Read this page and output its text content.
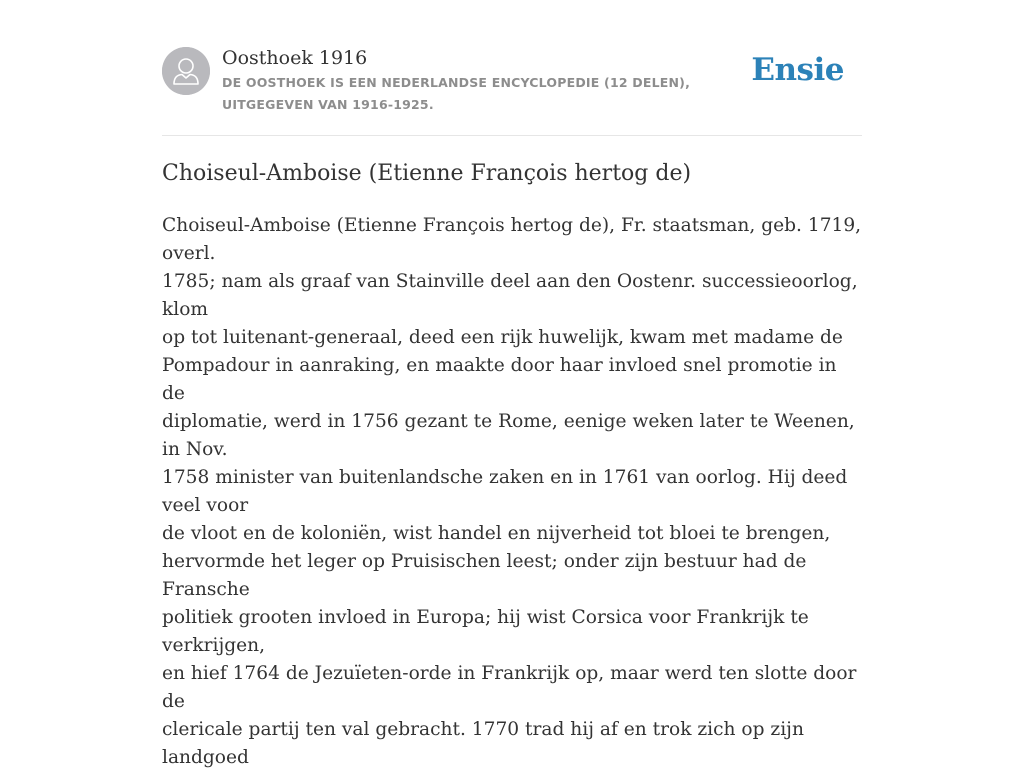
Oosthoek 1916
DE OOSTHOEK IS EEN NEDERLANDSE ENCYCLOPEDIE (12 DELEN), UITGEGEVEN VAN 1916-1925.
Ensie
Choiseul-Amboise (Etienne François hertog de)

Choiseul-Amboise (Etienne François hertog de), Fr. staatsman, geb. 1719, overl.
1785; nam als graaf van Stainville deel aan den Oostenr. successieoorlog, klom
op tot luitenant-generaal, deed een rijk huwelijk, kwam met madame de
Pompadour in aanraking, en maakte door haar invloed snel promotie in de
diplomatie, werd in 1756 gezant te Rome, eenige weken later te Weenen, in Nov.
1758 minister van buitenlandsche zaken en in 1761 van oorlog. Hij deed veel voor
de vloot en de koloniën, wist handel en nijverheid tot bloei te brengen,
hervormde het leger op Pruisischen leest; onder zijn bestuur had de Fransche
politiek grooten invloed in Europa; hij wist Corsica voor Frankrijk te verkrijgen,
en hief 1764 de Jezuïeten-orde in Frankrijk op, maar werd ten slotte door de
clericale partij ten val gebracht. 1770 trad hij af en trok zich op zijn landgoed
